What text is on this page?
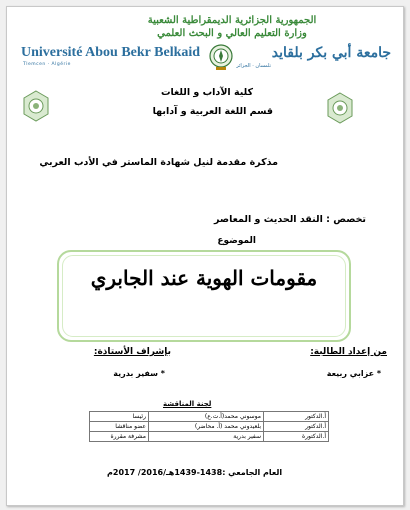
الجمهورية الجزائرية الديمقراطية الشعبية
وزارة التعليم العالي و البحث العلمي
Université Abou Bekr Belkaid
Tlemcen · Algérie
جامعة أبي بكر بلقايد
تلمسان · الجزائر
كلية الآداب و اللغات
قسم اللغة العربية و آدابها
مذكرة مقدمة لنيل شهادة الماستر في الأدب العربي
تخصص : النقد الحديث و المعاصر
الموضوع
مقومات الهوية عند الجابري
من إعداد الطالبة:
بإشراف الأستاذة:
* عزابي ربيعة
* سفير بدرية
لجنة المناقشة
أ.الدكتور	موسوني محمد(أ.ت.ع)	رئيسا
أ.الدكتور	بلعيدوني محمد (أ. محاضر)	عضو مناقشا
أ.الدكتورة	سفير بدرية	مشرفة مقررة
العام الجامعي :1438-1439هـ/2016/ 2017م
